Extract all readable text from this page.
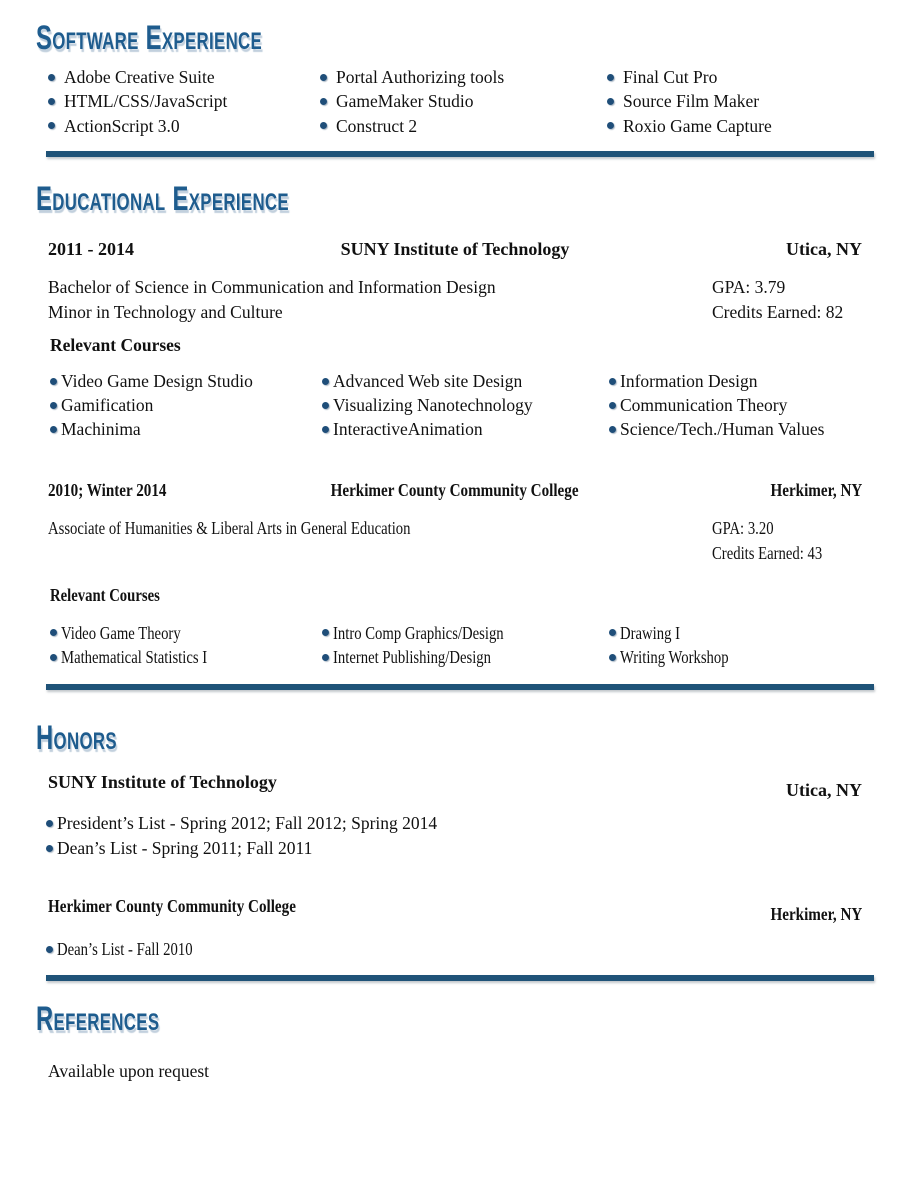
Software Experience
Adobe Creative Suite
HTML/CSS/JavaScript
ActionScript 3.0
Portal Authorizing tools
GameMaker Studio
Construct 2
Final Cut Pro
Source Film Maker
Roxio Game Capture
Educational Experience
2011 - 2014	SUNY Institute of Technology	Utica, NY
Bachelor of Science in Communication and Information Design
Minor in Technology and Culture
GPA: 3.79
Credits Earned: 82
Relevant Courses
Video Game Design Studio
Gamification
Machinima
Advanced Web site Design
Visualizing Nanotechnology
InteractiveAnimation
Information Design
Communication Theory
Science/Tech./Human Values
2010; Winter 2014	Herkimer County Community College	Herkimer, NY
Associate of Humanities & Liberal Arts in General Education	GPA: 3.20
Credits Earned: 43
Relevant Courses
Video Game Theory
Mathematical Statistics I
Intro Comp Graphics/Design
Internet Publishing/Design
Drawing I
Writing Workshop
Honors
SUNY Institute of Technology	Utica, NY
President’s List - Spring 2012; Fall 2012; Spring 2014
Dean’s List - Spring 2011; Fall 2011
Herkimer County Community College	Herkimer, NY
Dean’s List - Fall 2010
References
Available upon request
